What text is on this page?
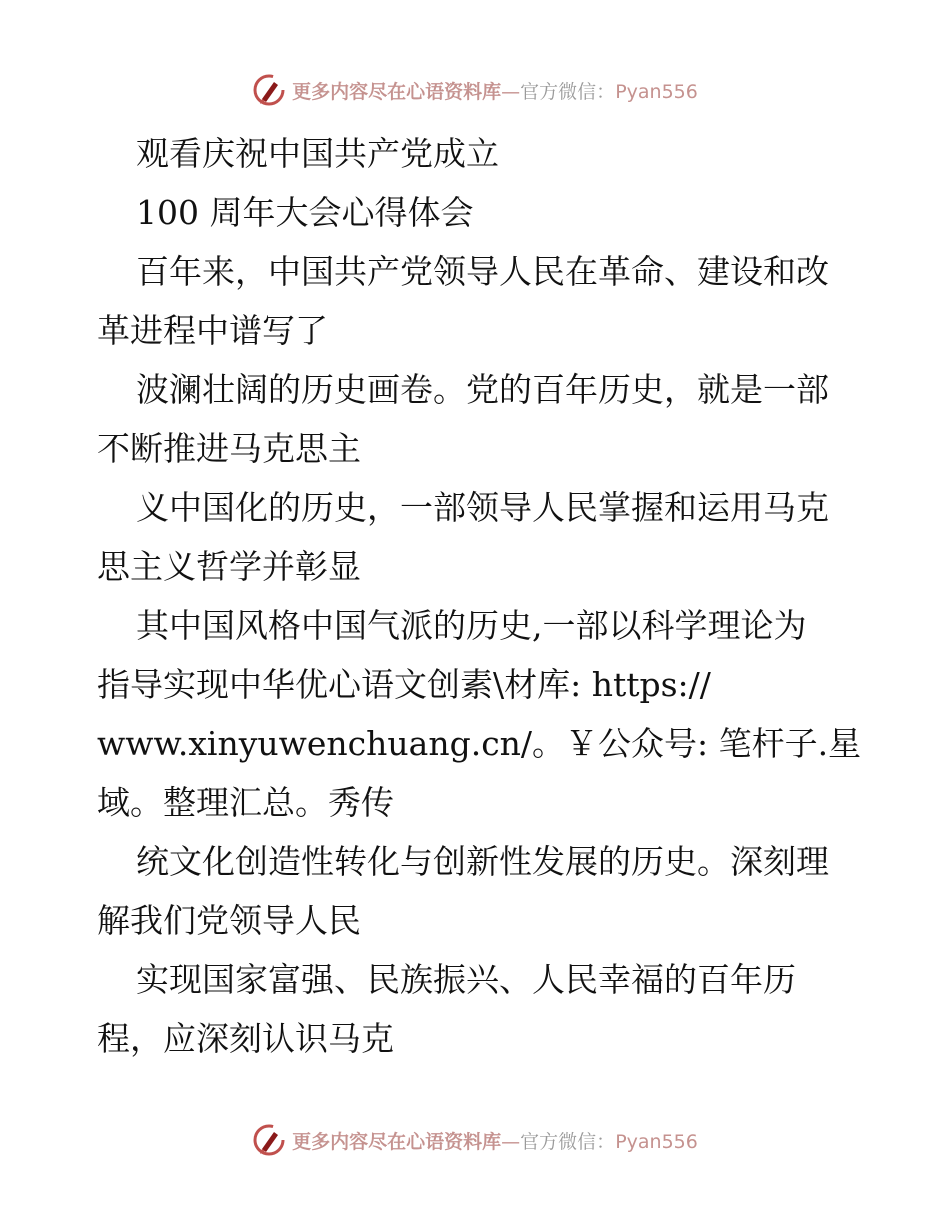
更多内容尽在心语资料库—官方微信：Pyan556
观看庆祝中国共产党成立
100 周年大会心得体会
百年来，中国共产党领导人民在革命、建设和改
革进程中谱写了
波澜壮阔的历史画卷。党的百年历史，就是一部
不断推进马克思主
义中国化的历史，一部领导人民掌握和运用马克
思主义哲学并彰显
其中国风格中国气派的历史,一部以科学理论为
指导实现中华优心语文创素\材库: https://
www.xinyuwenchuang.cn/。￥公众号: 笔杆子.星
域。整理汇总。秀传
统文化创造性转化与创新性发展的历史。深刻理
解我们党领导人民
实现国家富强、民族振兴、人民幸福的百年历
程，应深刻认识马克
更多内容尽在心语资料库—官方微信：Pyan556
